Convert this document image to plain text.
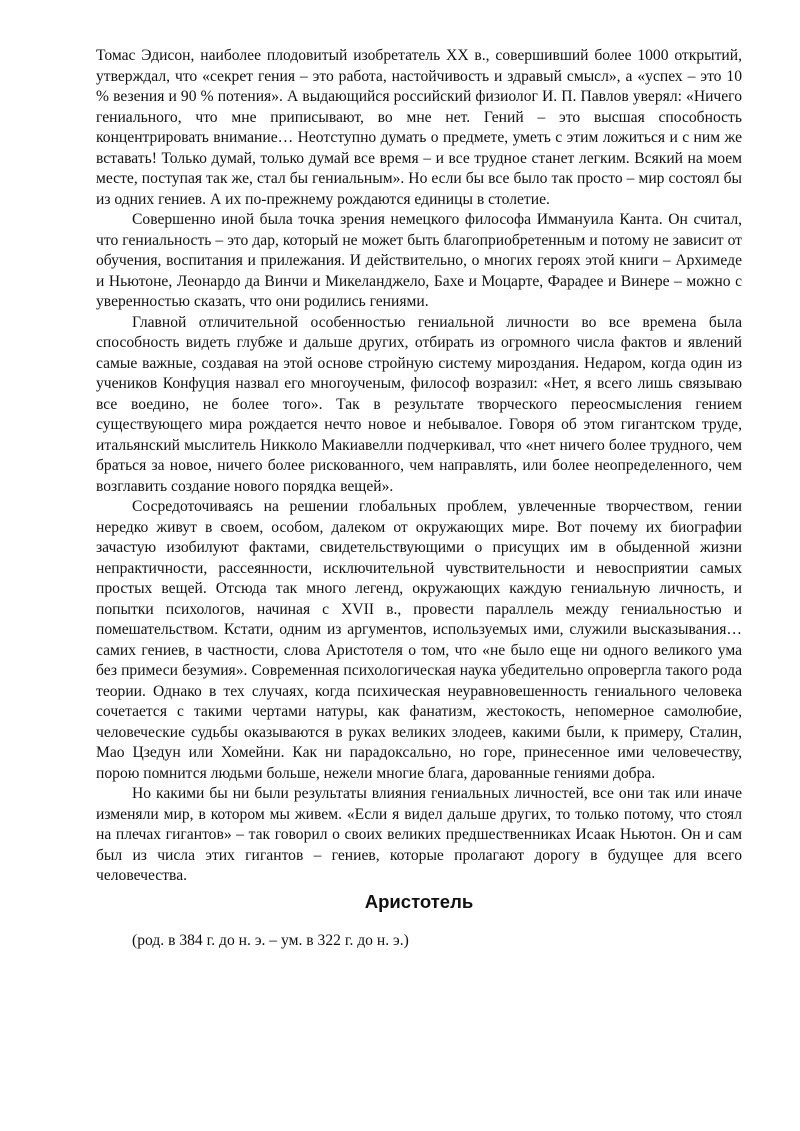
Томас Эдисон, наиболее плодовитый изобретатель XX в., совершивший более 1000 открытий, утверждал, что «секрет гения – это работа, настойчивость и здравый смысл», а «успех – это 10 % везения и 90 % потения». А выдающийся российский физиолог И. П. Павлов уверял: «Ничего гениального, что мне приписывают, во мне нет. Гений – это высшая способность концентрировать внимание… Неотступно думать о предмете, уметь с этим ложиться и с ним же вставать! Только думай, только думай все время – и все трудное станет легким. Всякий на моем месте, поступая так же, стал бы гениальным». Но если бы все было так просто – мир состоял бы из одних гениев. А их по-прежнему рождаются единицы в столетие.

Совершенно иной была точка зрения немецкого философа Иммануила Канта. Он считал, что гениальность – это дар, который не может быть благоприобретенным и потому не зависит от обучения, воспитания и прилежания. И действительно, о многих героях этой книги – Архимеде и Ньютоне, Леонардо да Винчи и Микеланджело, Бахе и Моцарте, Фарадее и Винере – можно с уверенностью сказать, что они родились гениями.

Главной отличительной особенностью гениальной личности во все времена была способность видеть глубже и дальше других, отбирать из огромного числа фактов и явлений самые важные, создавая на этой основе стройную систему мироздания. Недаром, когда один из учеников Конфуция назвал его многоученым, философ возразил: «Нет, я всего лишь связываю все воедино, не более того». Так в результате творческого переосмысления гением существующего мира рождается нечто новое и небывалое. Говоря об этом гигантском труде, итальянский мыслитель Никколо Макиавелли подчеркивал, что «нет ничего более трудного, чем браться за новое, ничего более рискованного, чем направлять, или более неопределенного, чем возглавить создание нового порядка вещей».

Сосредоточиваясь на решении глобальных проблем, увлеченные творчеством, гении нередко живут в своем, особом, далеком от окружающих мире. Вот почему их биографии зачастую изобилуют фактами, свидетельствующими о присущих им в обыденной жизни непрактичности, рассеянности, исключительной чувствительности и невосприятии самых простых вещей. Отсюда так много легенд, окружающих каждую гениальную личность, и попытки психологов, начиная с XVII в., провести параллель между гениальностью и помешательством. Кстати, одним из аргументов, используемых ими, служили высказывания… самих гениев, в частности, слова Аристотеля о том, что «не было еще ни одного великого ума без примеси безумия». Современная психологическая наука убедительно опровергла такого рода теории. Однако в тех случаях, когда психическая неуравновешенность гениального человека сочетается с такими чертами натуры, как фанатизм, жестокость, непомерное самолюбие, человеческие судьбы оказываются в руках великих злодеев, какими были, к примеру, Сталин, Мао Цзедун или Хомейни. Как ни парадоксально, но горе, принесенное ими человечеству, порою помнится людьми больше, нежели многие блага, дарованные гениями добра.

Но какими бы ни были результаты влияния гениальных личностей, все они так или иначе изменяли мир, в котором мы живем. «Если я видел дальше других, то только потому, что стоял на плечах гигантов» – так говорил о своих великих предшественниках Исаак Ньютон. Он и сам был из числа этих гигантов – гениев, которые пролагают дорогу в будущее для всего человечества.

Аристотель

(род. в 384 г. до н. э. – ум. в 322 г. до н. э.)
